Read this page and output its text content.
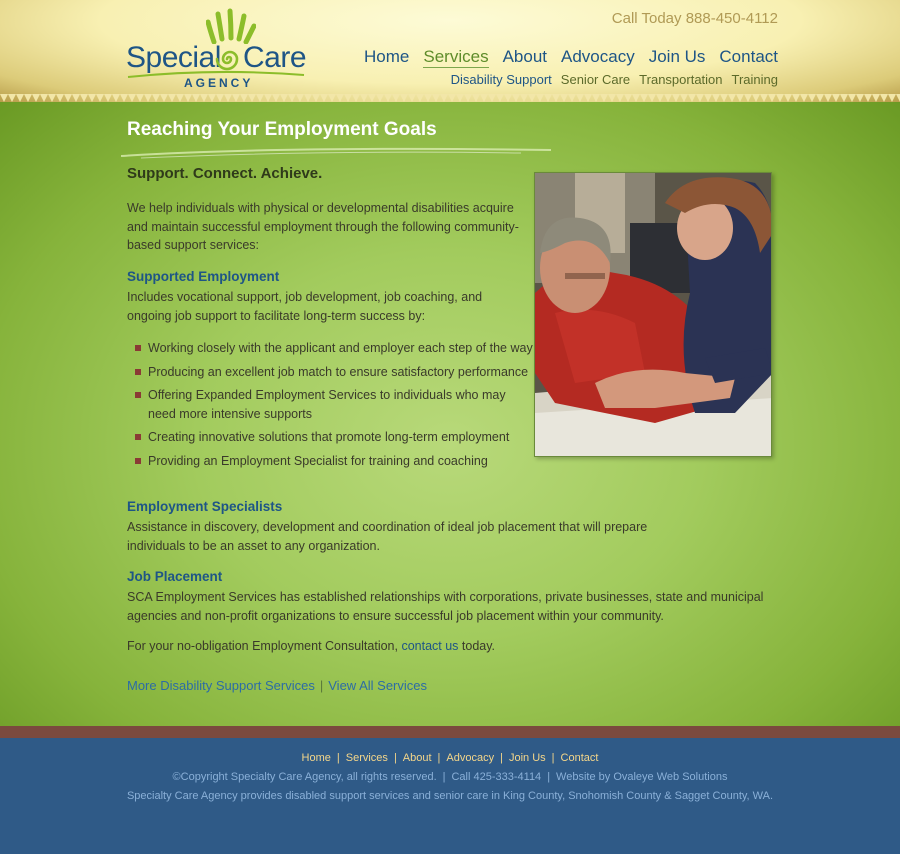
Special Care
AGENCY
Call Today 888-450-4112
Home Services About Advocacy Join Us Contact
Disability Support Senior Care Transportation Training
Reaching Your Employment Goals
Support. Connect. Achieve.

We help individuals with physical or developmental disabilities acquire and maintain successful employment through the following community-based support services:

Supported Employment

Includes vocational support, job development, job coaching, and ongoing job support to facilitate long-term success by:

Working closely with the applicant and employer each step of the way
Producing an excellent job match to ensure satisfactory performance
Offering Expanded Employment Services to individuals who may need more intensive supports
Creating innovative solutions that promote long-term employment
Providing an Employment Specialist for training and coaching
Employment Specialists

Assistance in discovery, development and coordination of ideal job placement that will prepare individuals to be an asset to any organization.

Job Placement

SCA Employment Services has established relationships with corporations, private businesses, state and municipal agencies and non-profit organizations to ensure successful job placement within your community.

For your no-obligation Employment Consultation, contact us today.

More Disability Support Services | View All Services
Home | Services | About | Advocacy | Join Us | Contact
©Copyright Specialty Care Agency, all rights reserved. | Call 425-333-4114 | Website by Ovaleye Web Solutions
Specialty Care Agency provides disabled support services and senior care in King County, Snohomish County & Sagget County, WA.
